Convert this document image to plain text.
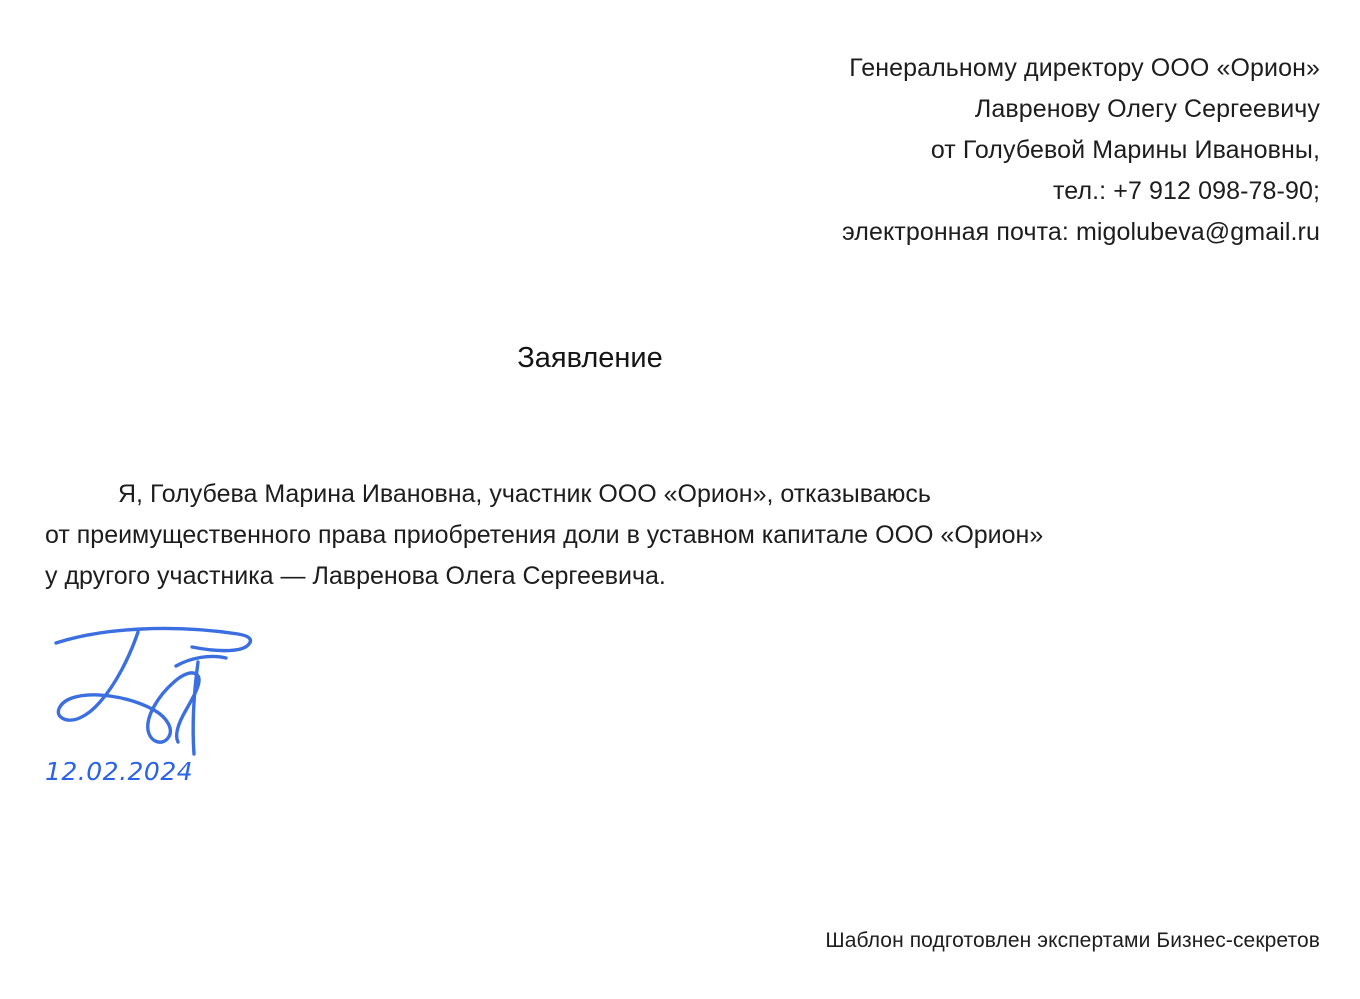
Генеральному директору ООО «Орион»
Лавренову Олегу Сергеевичу
от Голубевой Марины Ивановны,
тел.: +7 912 098-78-90;
электронная почта: migolubeva@gmail.ru
Заявление

Я, Голубева Марина Ивановна, участник ООО «Орион», отказываюсь

от преимущественного права приобретения доли в уставном капитале ООО «Орион»

у другого участника — Лавренова Олега Сергеевича.

12.02.2024
Шаблон подготовлен экспертами Бизнес-секретов
